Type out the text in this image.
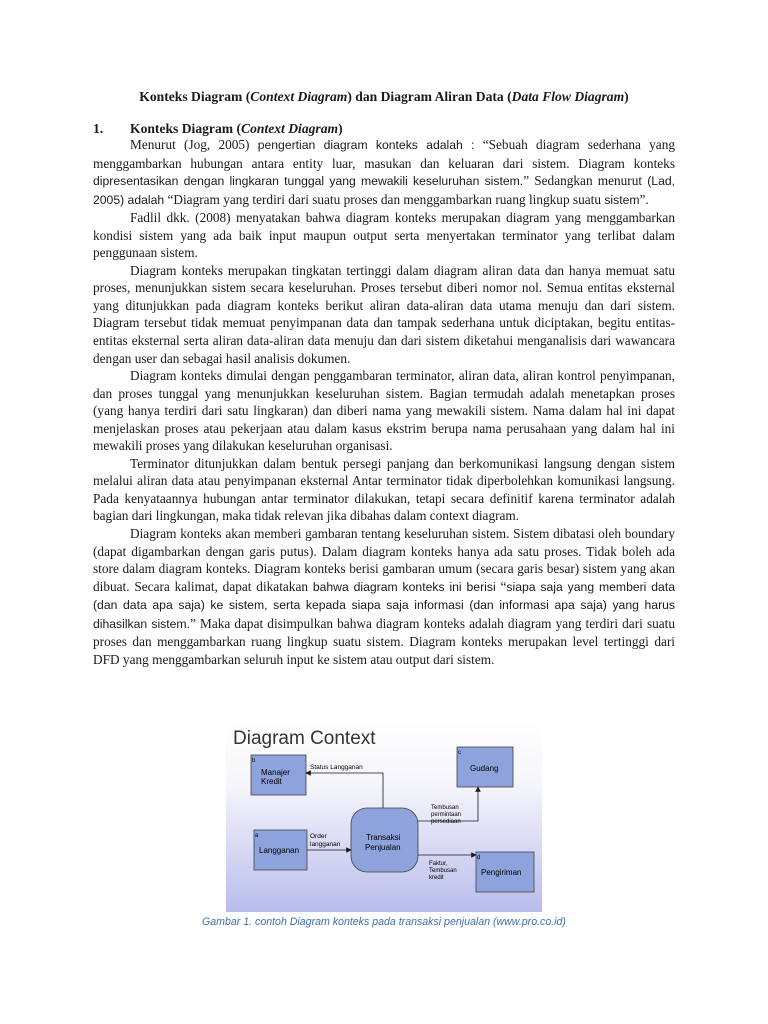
Konteks Diagram (Context Diagram) dan Diagram Aliran Data (Data Flow Diagram)
1. Konteks Diagram (Context Diagram)

Menurut (Jog, 2005) pengertian diagram konteks adalah : “Sebuah diagram sederhana yang menggambarkan hubungan antara entity luar, masukan dan keluaran dari sistem. Diagram konteks dipresentasikan dengan lingkaran tunggal yang mewakili keseluruhan sistem.” Sedangkan menurut (Lad, 2005) adalah “Diagram yang terdiri dari suatu proses dan menggambarkan ruang lingkup suatu sistem”.

Fadlil dkk. (2008) menyatakan bahwa diagram konteks merupakan diagram yang menggambarkan kondisi sistem yang ada baik input maupun output serta menyertakan terminator yang terlibat dalam penggunaan sistem.

Diagram konteks merupakan tingkatan tertinggi dalam diagram aliran data dan hanya memuat satu proses, menunjukkan sistem secara keseluruhan. Proses tersebut diberi nomor nol. Semua entitas eksternal yang ditunjukkan pada diagram konteks berikut aliran data-aliran data utama menuju dan dari sistem. Diagram tersebut tidak memuat penyimpanan data dan tampak sederhana untuk diciptakan, begitu entitas-entitas eksternal serta aliran data-aliran data menuju dan dari sistem diketahui menganalisis dari wawancara dengan user dan sebagai hasil analisis dokumen.

Diagram konteks dimulai dengan penggambaran terminator, aliran data, aliran kontrol penyimpanan, dan proses tunggal yang menunjukkan keseluruhan sistem. Bagian termudah adalah menetapkan proses (yang hanya terdiri dari satu lingkaran) dan diberi nama yang mewakili sistem. Nama dalam hal ini dapat menjelaskan proses atau pekerjaan atau dalam kasus ekstrim berupa nama perusahaan yang dalam hal ini mewakili proses yang dilakukan keseluruhan organisasi.

Terminator ditunjukkan dalam bentuk persegi panjang dan berkomunikasi langsung dengan sistem melalui aliran data atau penyimpanan eksternal Antar terminator tidak diperbolehkan komunikasi langsung. Pada kenyataannya hubungan antar terminator dilakukan, tetapi secara definitif karena terminator adalah bagian dari lingkungan, maka tidak relevan jika dibahas dalam context diagram.

Diagram konteks akan memberi gambaran tentang keseluruhan sistem. Sistem dibatasi oleh boundary (dapat digambarkan dengan garis putus). Dalam diagram konteks hanya ada satu proses. Tidak boleh ada store dalam diagram konteks. Diagram konteks berisi gambaran umum (secara garis besar) sistem yang akan dibuat. Secara kalimat, dapat dikatakan bahwa diagram konteks ini berisi “siapa saja yang memberi data (dan data apa saja) ke sistem, serta kepada siapa saja informasi (dan informasi apa saja) yang harus dihasilkan sistem.” Maka dapat disimpulkan bahwa diagram konteks adalah diagram yang terdiri dari suatu proses dan menggambarkan ruang lingkup suatu sistem. Diagram konteks merupakan level tertinggi dari DFD yang menggambarkan seluruh input ke sistem atau output dari sistem.

Diagram Context
b
Manajer
Kredit
c
Gudang
a
Langganan
d
Pengiriman
Transaksi
Penjualan
Status Langganan
Tembusan
permintaan
persediaan
Order
langganan
Faktur,
Tembusan
kredit
Gambar 1. contoh Diagram konteks pada transaksi penjualan (www.pro.co.id)
